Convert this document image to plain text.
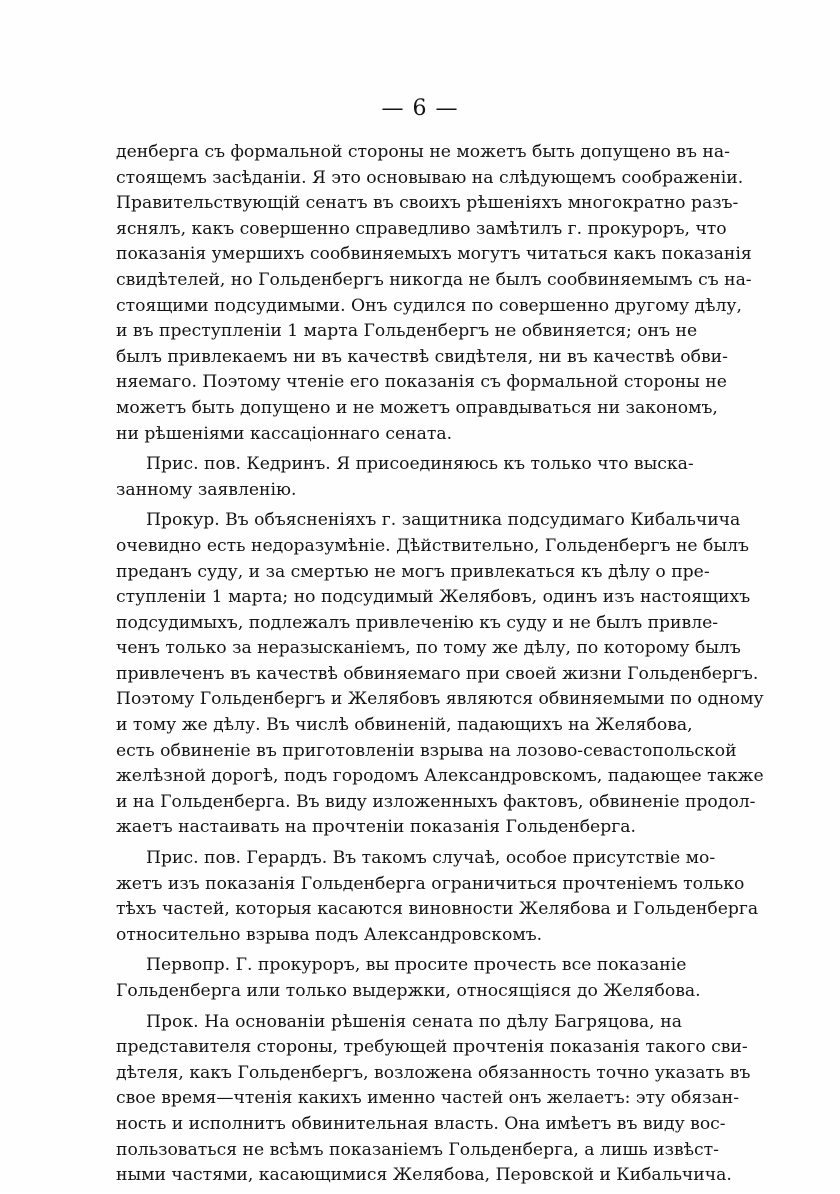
— 6 —
денберга съ формальной стороны не можетъ быть допущено въ на-
стоящемъ засѣданіи. Я это основываю на слѣдующемъ соображеніи.
Правительствующій сенатъ въ своихъ рѣшеніяхъ многократно разъ-
яснялъ, какъ совершенно справедливо замѣтилъ г. прокуроръ, что
показанія умершихъ сообвиняемыхъ могутъ читаться какъ показанія
свидѣтелей, но Гольденбергъ никогда не былъ сообвиняемымъ съ на-
стоящими подсудимыми. Онъ судился по совершенно другому дѣлу,
и въ преступленіи 1 марта Гольденбергъ не обвиняется; онъ не
былъ привлекаемъ ни въ качествѣ свидѣтеля, ни въ качествѣ обви-
няемаго. Поэтому чтеніе его показанія съ формальной стороны не
можетъ быть допущено и не можетъ оправдываться ни закономъ,
ни рѣшеніями кассаціоннаго сената.
Прис. пов. Кедринъ. Я присоединяюсь къ только что выска-
занному заявленію.
Прокур. Въ объясненіяхъ г. защитника подсудимаго Кибальчича
очевидно есть недоразумѣніе. Дѣйствительно, Гольденбергъ не былъ
преданъ суду, и за смертью не могъ привлекаться къ дѣлу о пре-
ступленіи 1 марта; но подсудимый Желябовъ, одинъ изъ настоящихъ
подсудимыхъ, подлежалъ привлеченію къ суду и не былъ привле-
ченъ только за неразысканіемъ, по тому же дѣлу, по которому былъ
привлеченъ въ качествѣ обвиняемаго при своей жизни Гольденбергъ.
Поэтому Гольденбергъ и Желябовъ являются обвиняемыми по одному
и тому же дѣлу. Въ числѣ обвиненій, падающихъ на Желябова,
есть обвиненіе въ приготовленіи взрыва на лозово-севастопольской
желѣзной дорогѣ, подъ городомъ Александровскомъ, падающее также
и на Гольденберга. Въ виду изложенныхъ фактовъ, обвиненіе продол-
жаетъ настаивать на прочтеніи показанія Гольденберга.
Прис. пов. Герардъ. Въ такомъ случаѣ, особое присутствіе мо-
жетъ изъ показанія Гольденберга ограничиться прочтеніемъ только
тѣхъ частей, которыя касаются виновности Желябова и Гольденберга
относительно взрыва подъ Александровскомъ.
Первопр. Г. прокуроръ, вы просите прочесть все показаніе
Гольденберга или только выдержки, относящіяся до Желябова.
Прок. На основаніи рѣшенія сената по дѣлу Багряцова, на
представителя стороны, требующей прочтенія показанія такого сви-
дѣтеля, какъ Гольденбергъ, возложена обязанность точно указать въ
свое время—чтенія какихъ именно частей онъ желаетъ: эту обязан-
ность и исполнитъ обвинительная власть. Она имѣетъ въ виду вос-
пользоваться не всѣмъ показаніемъ Гольденберга, а лишь извѣст-
ными частями, касающимися Желябова, Перовской и Кибальчича.
